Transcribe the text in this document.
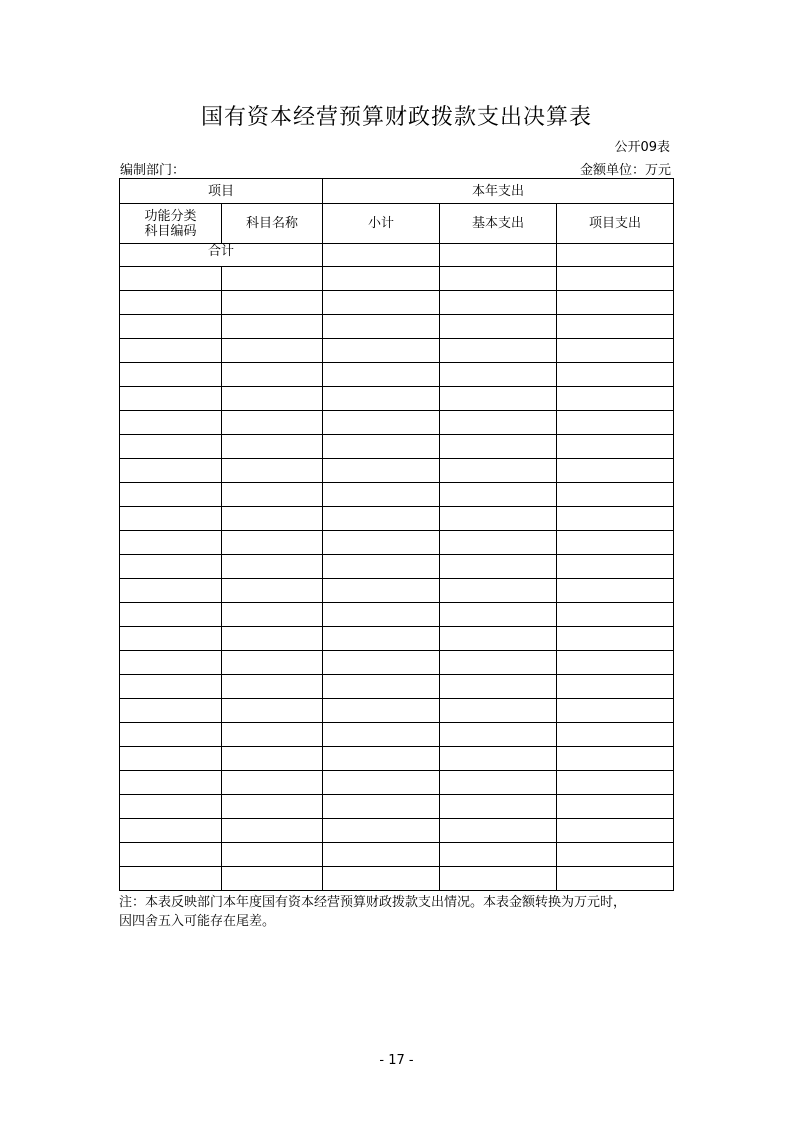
国有资本经营预算财政拨款支出决算表
公开09表
编制部门：	金额单位：万元
项目		本年支出		

功能分类
科目编码	科目名称	小计	基本支出	项目支出
合计				

注：本表反映部门本年度国有资本经营预算财政拨款支出情况。本表金额转换为万元时，
因四舍五入可能存在尾差。
- 17 -
